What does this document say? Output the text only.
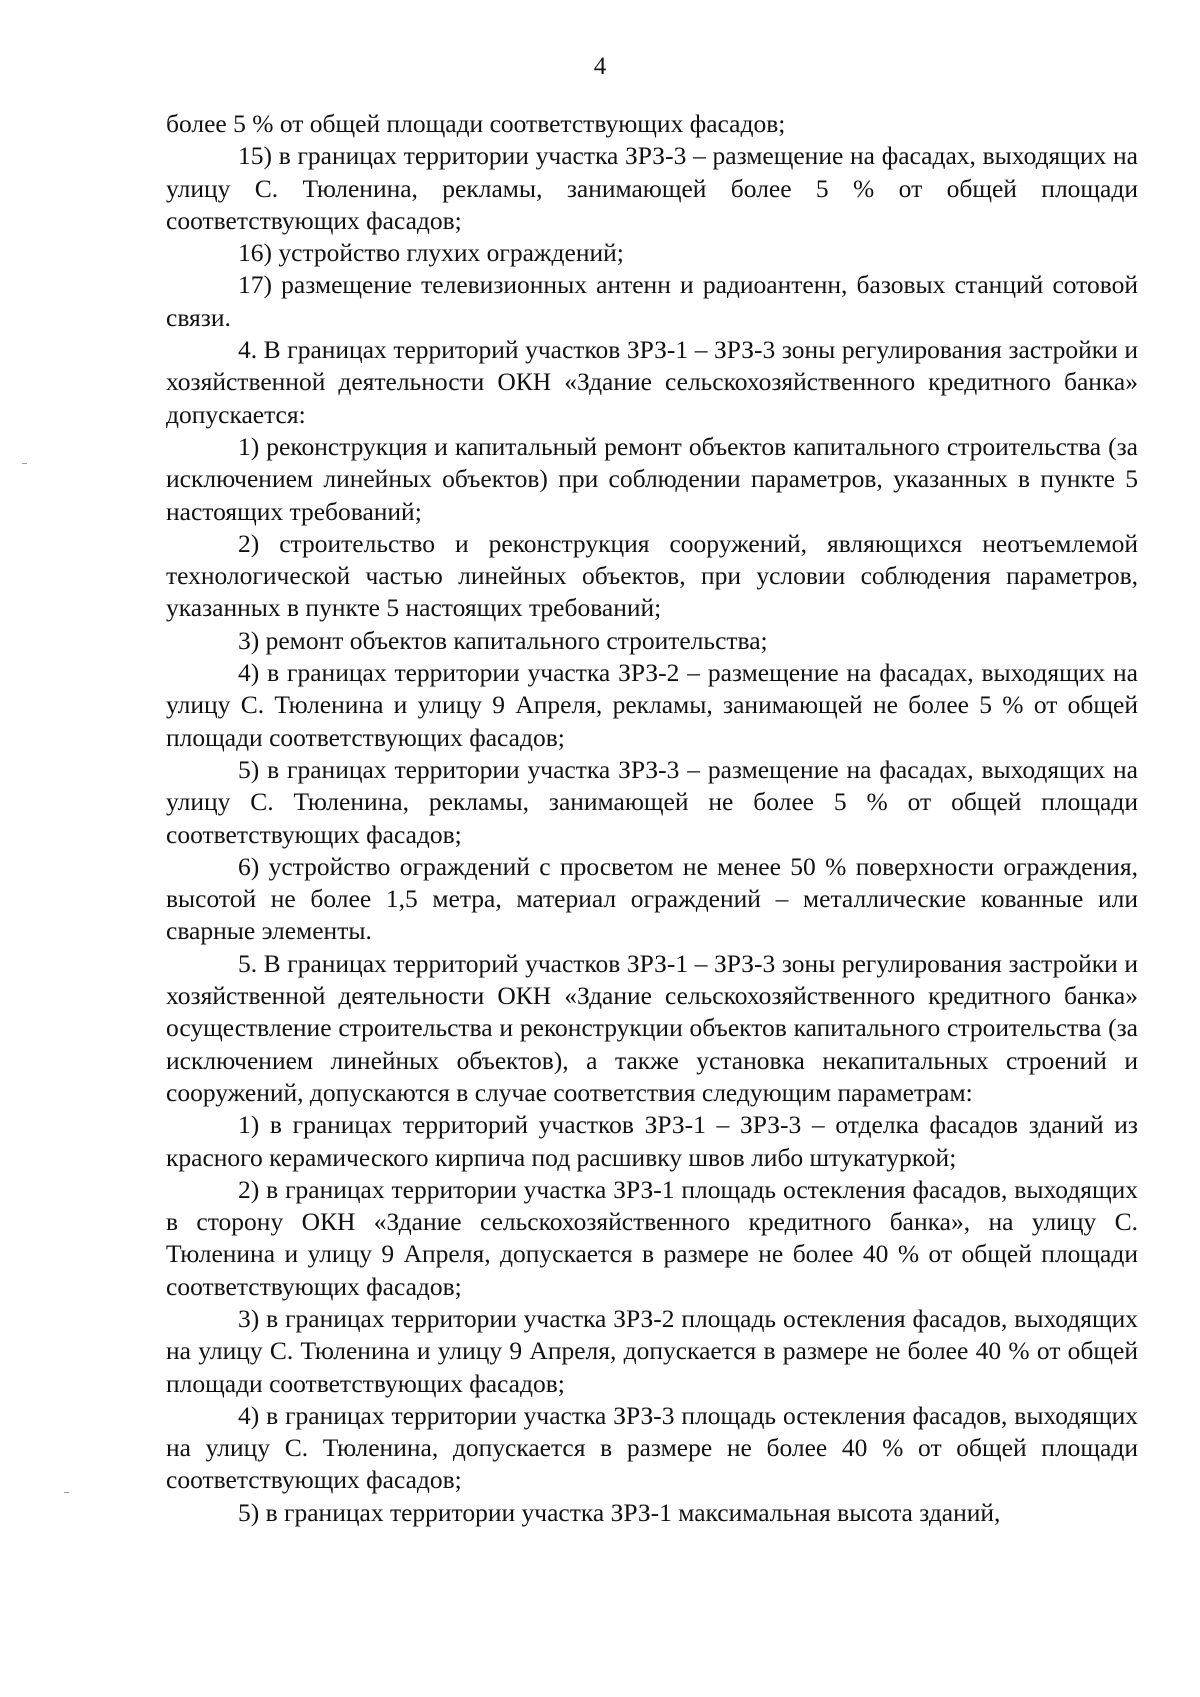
4

более 5 % от общей площади соответствующих фасадов;

15) в границах территории участка ЗРЗ-3 – размещение на фасадах, выходящих на улицу С. Тюленина, рекламы, занимающей более 5 % от общей площади соответствующих фасадов;

16) устройство глухих ограждений;

17) размещение телевизионных антенн и радиоантенн, базовых станций сотовой связи.

4. В границах территорий участков ЗРЗ-1 – ЗРЗ-3 зоны регулирования застройки и хозяйственной деятельности ОКН «Здание сельскохозяйственного кредитного банка» допускается:

1) реконструкция и капитальный ремонт объектов капитального строительства (за исключением линейных объектов) при соблюдении параметров, указанных в пункте 5 настоящих требований;

2) строительство и реконструкция сооружений, являющихся неотъемлемой технологической частью линейных объектов, при условии соблюдения параметров, указанных в пункте 5 настоящих требований;

3) ремонт объектов капитального строительства;

4) в границах территории участка ЗРЗ-2 – размещение на фасадах, выходящих на улицу С. Тюленина и улицу 9 Апреля, рекламы, занимающей не более 5 % от общей площади соответствующих фасадов;

5) в границах территории участка ЗРЗ-3 – размещение на фасадах, выходящих на улицу С. Тюленина, рекламы, занимающей не более 5 % от общей площади соответствующих фасадов;

6) устройство ограждений с просветом не менее 50 % поверхности ограждения, высотой не более 1,5 метра, материал ограждений – металлические кованные или сварные элементы.

5. В границах территорий участков ЗРЗ-1 – ЗРЗ-3 зоны регулирования застройки и хозяйственной деятельности ОКН «Здание сельскохозяйственного кредитного банка» осуществление строительства и реконструкции объектов капитального строительства (за исключением линейных объектов), а также установка некапитальных строений и сооружений, допускаются в случае соответствия следующим параметрам:

1) в границах территорий участков ЗРЗ-1 – ЗРЗ-3 – отделка фасадов зданий из красного керамического кирпича под расшивку швов либо штукатуркой;

2) в границах территории участка ЗРЗ-1 площадь остекления фасадов, выходящих в сторону ОКН «Здание сельскохозяйственного кредитного банка», на улицу С. Тюленина и улицу 9 Апреля, допускается в размере не более 40 % от общей площади соответствующих фасадов;

3) в границах территории участка ЗРЗ-2 площадь остекления фасадов, выходящих на улицу С. Тюленина и улицу 9 Апреля, допускается в размере не более 40 % от общей площади соответствующих фасадов;

4) в границах территории участка ЗРЗ-3 площадь остекления фасадов, выходящих на улицу С. Тюленина, допускается в размере не более 40 % от общей площади соответствующих фасадов;

5) в границах территории участка ЗРЗ-1 максимальная высота зданий,
